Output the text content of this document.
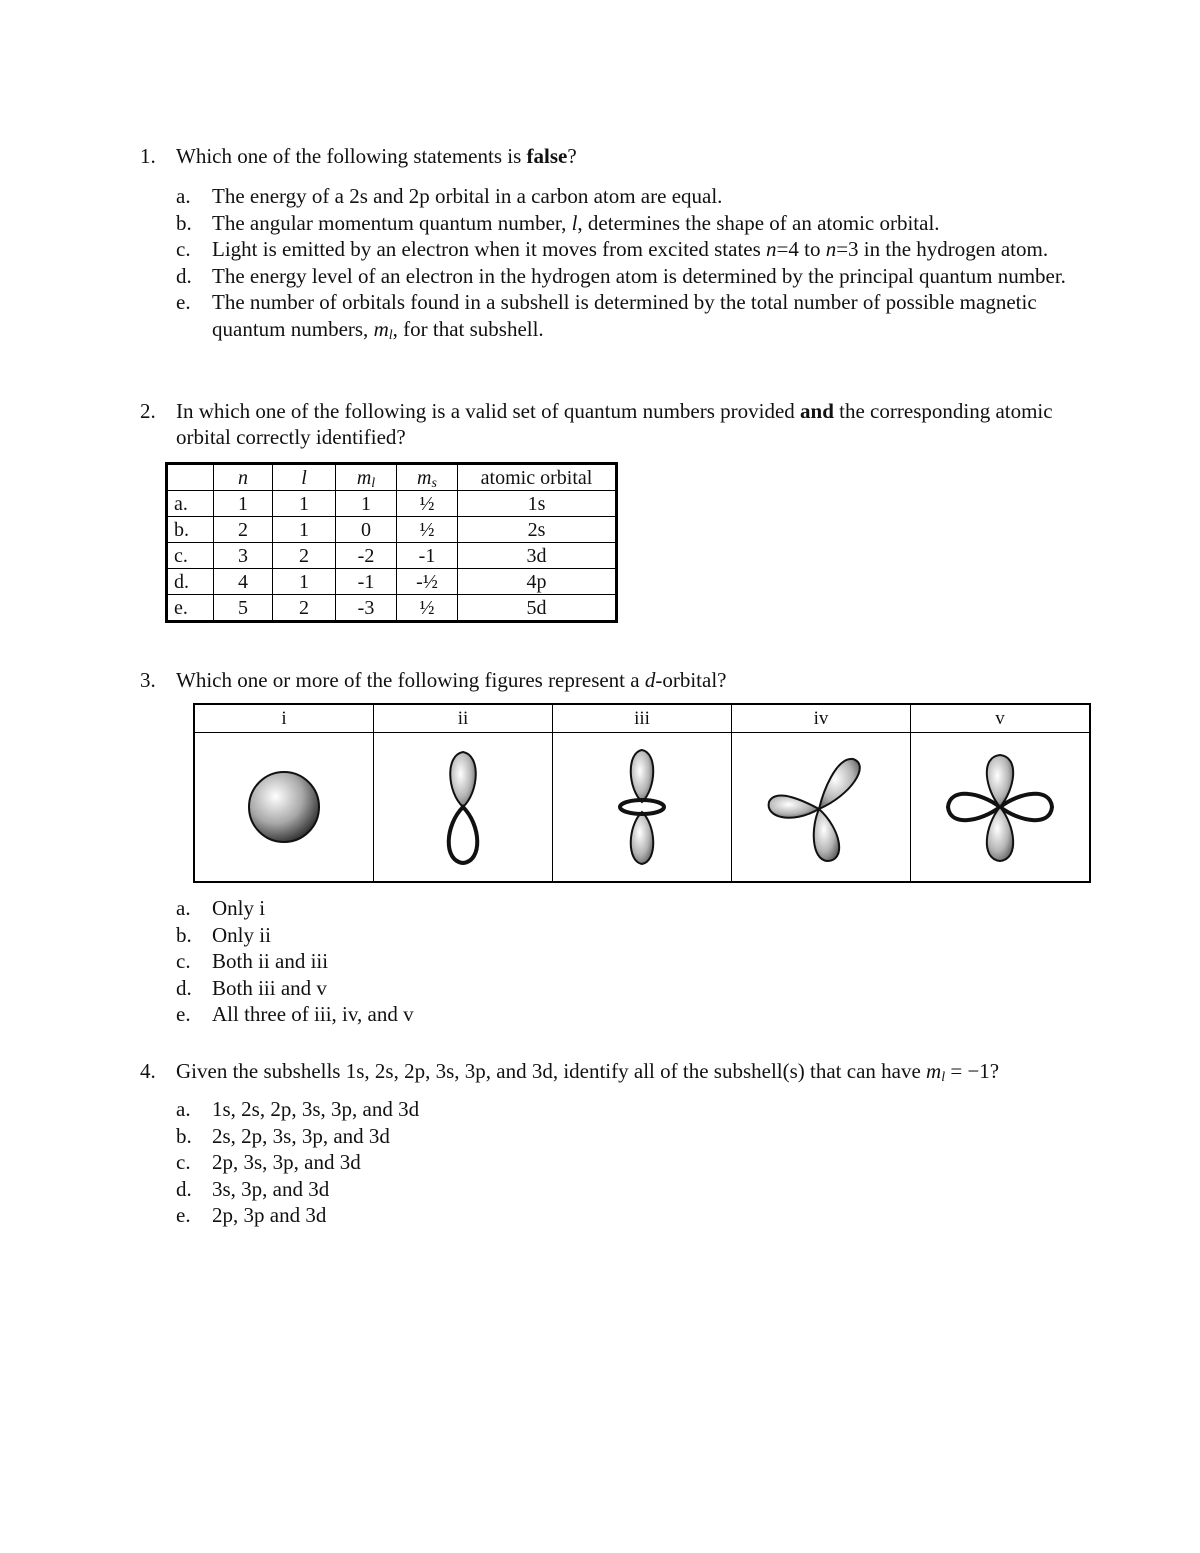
1. Which one of the following statements is false?
a.	The energy of a 2s and 2p orbital in a carbon atom are equal.
b. The angular momentum quantum number, l, determines the shape of an atomic orbital.
c.	Light is emitted by an electron when it moves from excited states n=4 to n=3 in the hydrogen atom.
d. The energy level of an electron in the hydrogen atom is determined by the principal quantum number.
e.	The number of orbitals found in a subshell is determined by the total number of possible magnetic quantum numbers, $m_l$, for that subshell.
2. In which one of the following is a valid set of quantum numbers provided and the corresponding atomic orbital correctly identified?
	n	l	$m_l$	$m_s$	atomic orbital
a.	1	1	1	½	1s
b.	2	1	0	½	2s
c.	3	2	-2	-1	3d
d.	4	1	-1	-½	4p
e.	5	2	-3	½	5d
3. Which one or more of the following figures represent a d-orbital?
i	ii	iii	iv	v

a.	Only i
b. Only ii
c.	Both ii and iii
d. Both iii and v
e.	All three of iii, iv, and v
4. Given the subshells 1s, 2s, 2p, 3s, 3p, and 3d, identify all of the subshell(s) that can have $m_l = -1$?
a.	1s, 2s, 2p, 3s, 3p, and 3d
b. 2s, 2p, 3s, 3p, and 3d
c.	2p, 3s, 3p, and 3d
d. 3s, 3p, and 3d
e.	2p, 3p and 3d
